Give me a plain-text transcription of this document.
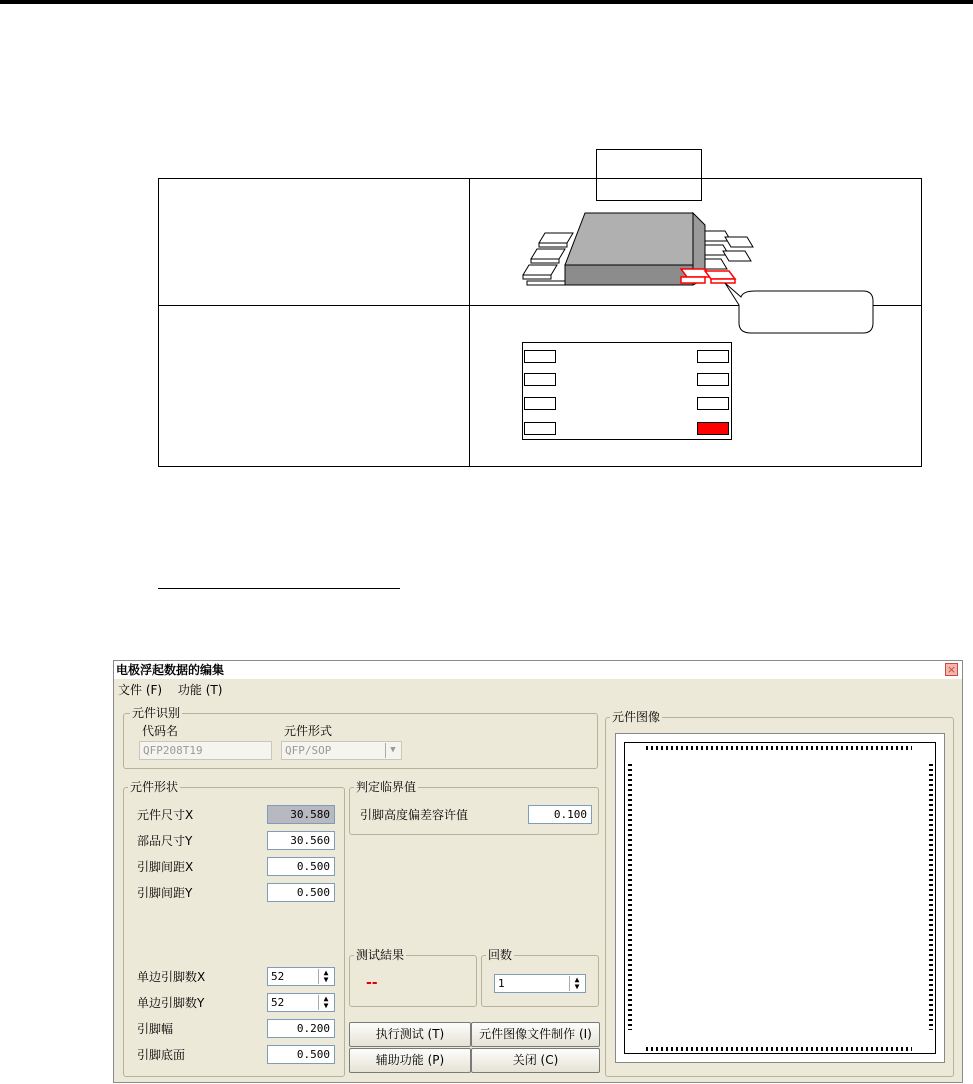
电极浮起数据的编集	×
文件 (F) 功能 (T)
元件识别
代码名
QFP208T19
元件形式
QFP/SOP	▼
元件形状
元件尺寸X	30.580
部品尺寸Y	30.560
引脚间距X	0.500
引脚间距Y	0.500
单边引脚数X	52	▲
▼
单边引脚数Y	52	▲
▼
引脚幅	0.200
引脚底面	0.500
判定临界值
引脚高度偏差容许值	0.100
测试結果
--
回数
1	▲
▼
执行测试 (T)	元件图像文件制作 (I)
辅助功能 (P)	关闭 (C)
元件图像
